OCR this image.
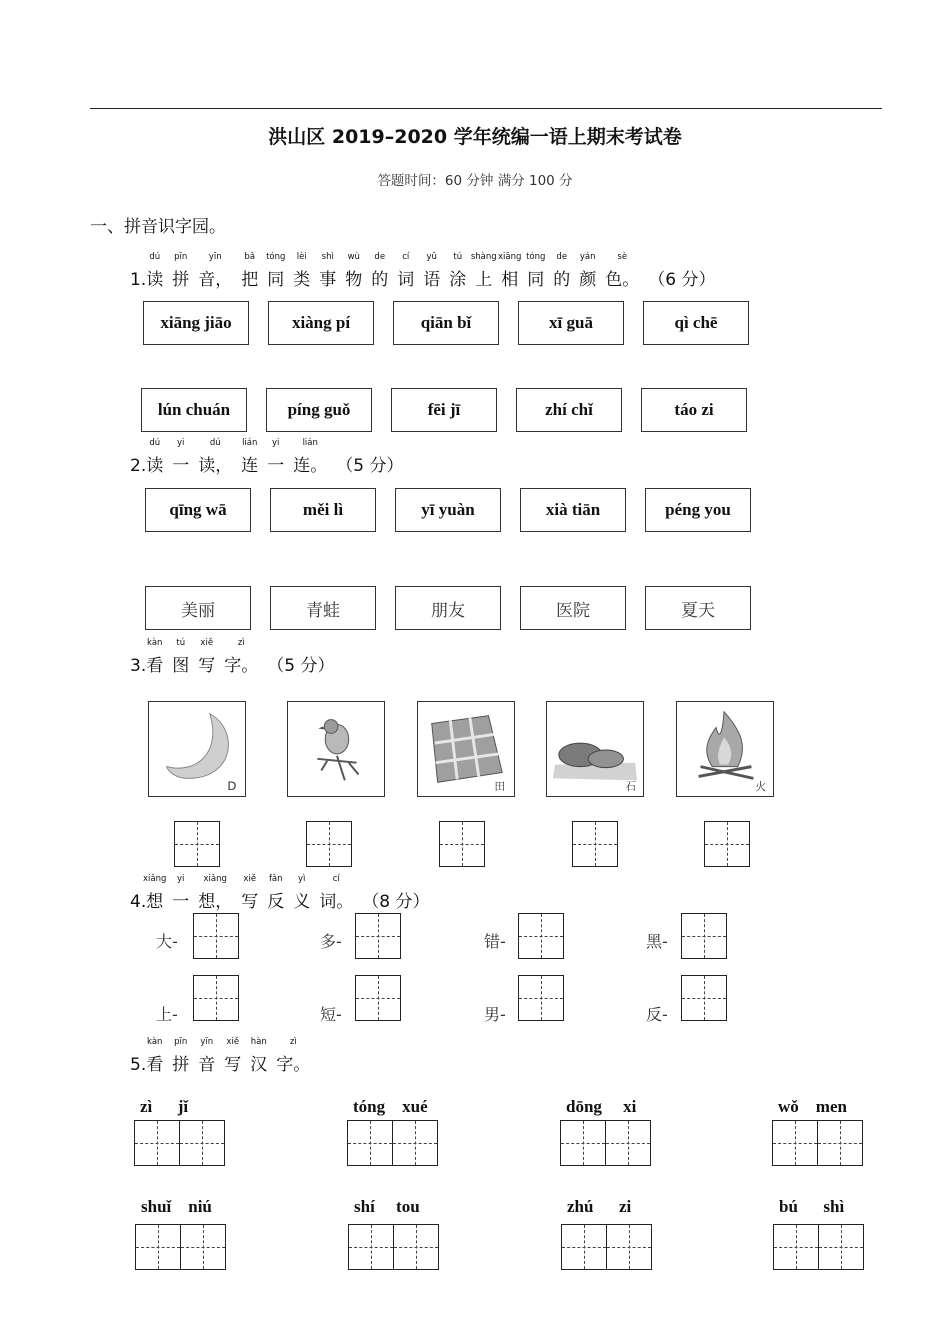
洪山区 2019–2020 学年统编一语上期末考试卷
答题时间：60 分钟 满分 100 分
一、拼音识字园。
1.
dú
读
pīn
拼
yīn
音，
bǎ
把
tóng
同
lèi
类
shì
事
wù
物
de
的
cí
词
yǔ
语
tú
涂
shàng
上
xiāng
相
tóng
同
de
的
yán
颜
sè
色。 （6 分）
xiāng jiāo	xiàng pí	qiān bǐ	xī guā	qì chē
lún chuán	píng guǒ	fēi jī	zhí chǐ	táo zi
2.
dú
读
yi
一
dú
读，
lián
连
yi
一
lián
连。 （5 分）
qīng wā	měi lì	yī yuàn	xià tiān	péng you
美丽	青蛙	朋友	医院	夏天
3.
kàn
看
tú
图
xiě
写
zì
字。 （5 分）
D	田	石	火
4.
xiǎng
想
yi
一
xiǎng
想，
xiě
写
fǎn
反
yì
义
cí
词。 （8 分）
大-	多-	错-	黑-
上-	短-	男-	反-
5.
kàn
看
pīn
拼
yīn
音
xiě
写
hàn
汉
zì
字。
zì      jǐ	tóng    xué	dōng     xi	wǒ    men
shuǐ    niú	shí     tou	zhú      zi	bú      shì
